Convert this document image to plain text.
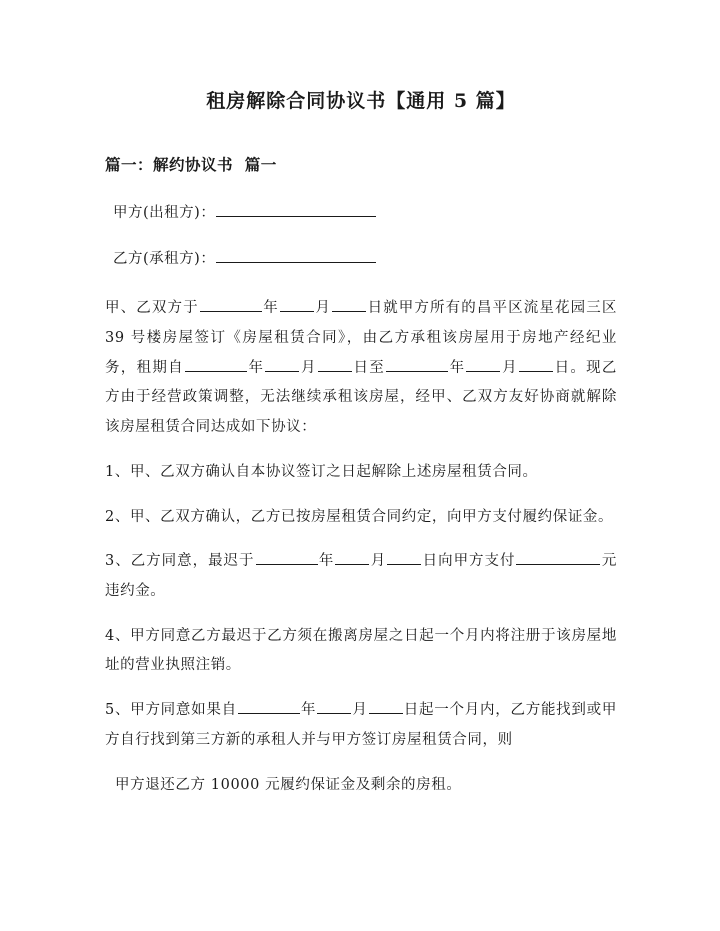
租房解除合同协议书【通用 5 篇】
篇一：解约协议书  篇一

甲方(出租方)：

乙方(承租方)：

甲、乙双方于	年 月 日就甲方所有的昌平区流星花园三区 39 号楼房屋签订《房屋租赁合同》，由乙方承租该房屋用于房地产经纪业务，租期自	年 月 日至	年 月 日。现乙方由于经营政策调整，无法继续承租该房屋，经甲、乙双方友好协商就解除该房屋租赁合同达成如下协议：

1、甲、乙双方确认自本协议签订之日起解除上述房屋租赁合同。

2、甲、乙双方确认，乙方已按房屋租赁合同约定，向甲方支付履约保证金。

3、乙方同意，最迟于	年 月 日向甲方支付	元违约金。

4、甲方同意乙方最迟于乙方须在搬离房屋之日起一个月内将注册于该房屋地址的营业执照注销。

5、甲方同意如果自	年 月 日起一个月内，乙方能找到或甲方自行找到第三方新的承租人并与甲方签订房屋租赁合同，则

甲方退还乙方 10000 元履约保证金及剩余的房租。
